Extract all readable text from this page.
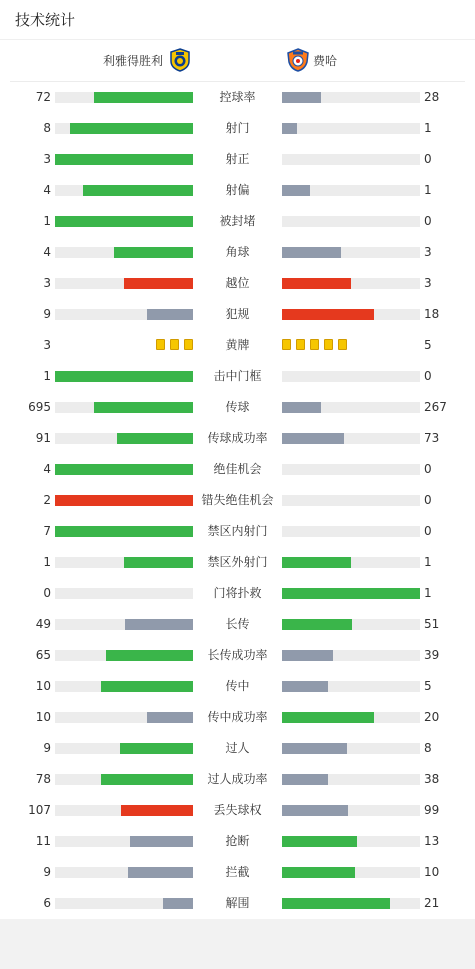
技术统计
利雅得胜利	费哈
72	控球率	28
8	射门	1
3	射正	0
4	射偏	1
1	被封堵	0
4	角球	3
3	越位	3
9	犯规	18
3	黄牌	5
1	击中门框	0
695	传球	267
91	传球成功率	73
4	绝佳机会	0
2	错失绝佳机会	0
7	禁区内射门	0
1	禁区外射门	1
0	门将扑救	1
49	长传	51
65	长传成功率	39
10	传中	5
10	传中成功率	20
9	过人	8
78	过人成功率	38
107	丢失球权	99
11	抢断	13
9	拦截	10
6	解围	21
